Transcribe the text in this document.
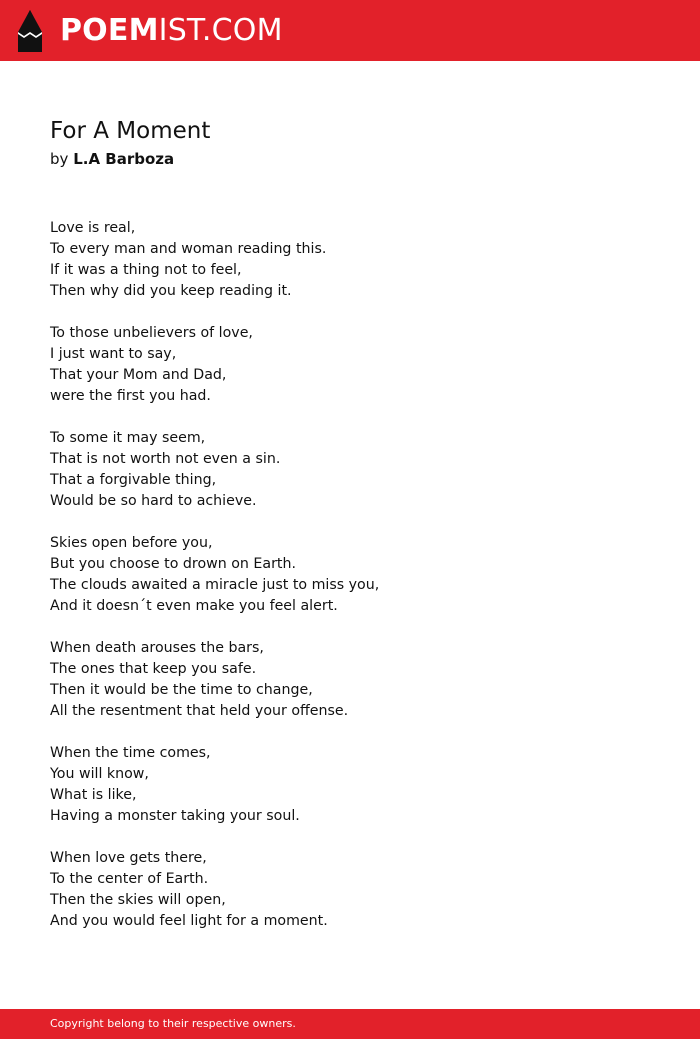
POEMIST.COM
For A Moment
by L.A Barboza
Love is real,
To every man and woman reading this.
If it was a thing not to feel,
Then why did you keep reading it.
To those unbelievers of love,
I just want to say,
That your Mom and Dad,
were the first you had.
To some it may seem,
That is not worth not even a sin.
That a forgivable thing,
Would be so hard to achieve.
Skies open before you,
But you choose to drown on Earth.
The clouds awaited a miracle just to miss you,
And it doesn´t even make you feel alert.
When death arouses the bars,
The ones that keep you safe.
Then it would be the time to change,
All the resentment that held your offense.
When the time comes,
You will know,
What is like,
Having a monster taking your soul.
When love gets there,
To the center of Earth.
Then the skies will open,
And you would feel light for a moment.
Copyright belong to their respective owners.
